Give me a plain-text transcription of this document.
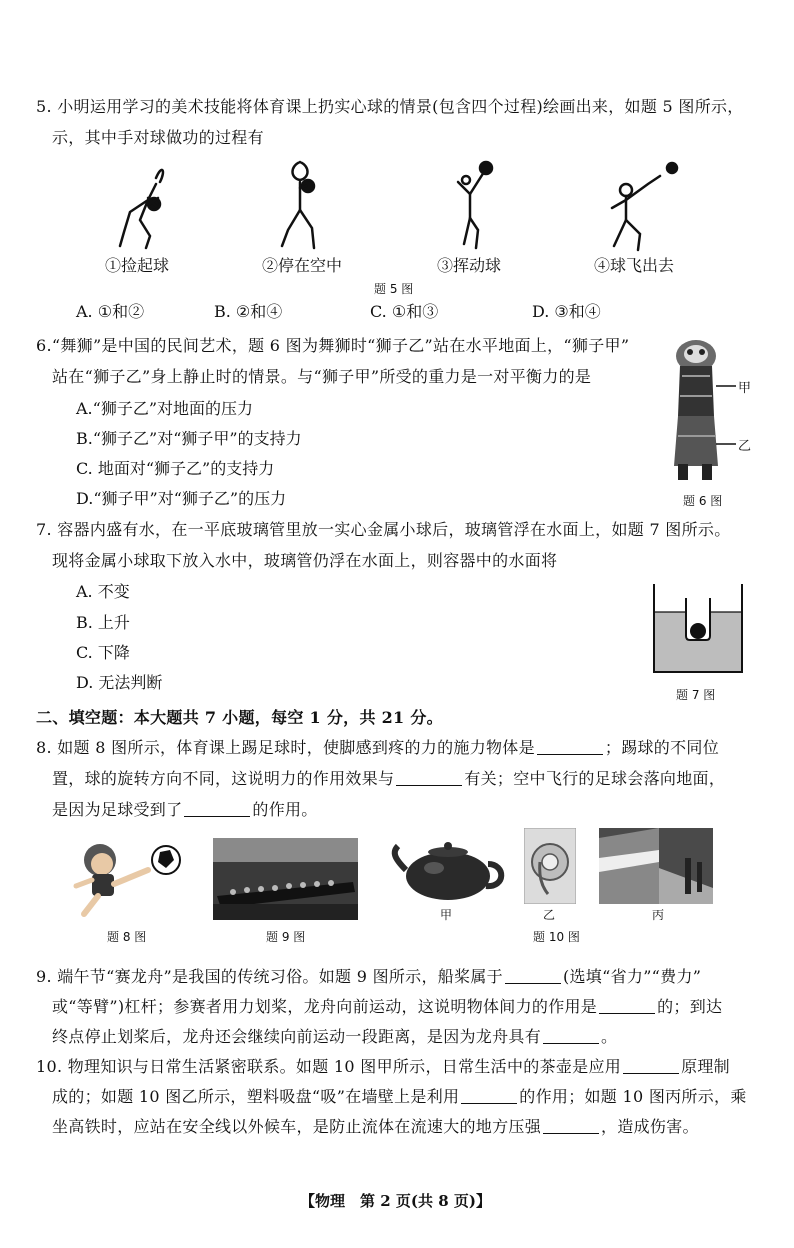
5. 小明运用学习的美术技能将体育课上扔实心球的情景(包含四个过程)绘画出来，如题 5 图所示，
示，其中手对球做功的过程有
①捡起球	②停在空中	③挥动球	④球飞出去
题 5 图
A. ①和②	B. ②和④	C. ①和③	D. ③和④
6.“舞狮”是中国的民间艺术，题 6 图为舞狮时“狮子乙”站在水平地面上，“狮子甲”
站在“狮子乙”身上静止时的情景。与“狮子甲”所受的重力是一对平衡力的是
A.“狮子乙”对地面的压力
B.“狮子乙”对“狮子甲”的支持力
C. 地面对“狮子乙”的支持力
D.“狮子甲”对“狮子乙”的压力
甲
乙
题 6 图
7. 容器内盛有水，在一平底玻璃管里放一实心金属小球后，玻璃管浮在水面上，如题 7 图所示。
现将金属小球取下放入水中，玻璃管仍浮在水面上，则容器中的水面将
A. 不变
B. 上升
C. 下降
D. 无法判断
题 7 图
二、填空题：本大题共 7 小题，每空 1 分，共 21 分。
8. 如题 8 图所示，体育课上踢足球时，使脚感到疼的力的施力物体是	；踢球的不同位
置，球的旋转方向不同，这说明力的作用效果与	有关；空中飞行的足球会落向地面，
是因为足球受到了	的作用。
题 8 图	题 9 图
甲	乙	丙
题 10 图
9. 端午节“赛龙舟”是我国的传统习俗。如题 9 图所示，船桨属于	(选填“省力”“费力”
或“等臂”)杠杆；参赛者用力划桨，龙舟向前运动，这说明物体间力的作用是	的；到达
终点停止划桨后，龙舟还会继续向前运动一段距离，是因为龙舟具有	。
10. 物理知识与日常生活紧密联系。如题 10 图甲所示，日常生活中的茶壶是应用	原理制
成的；如题 10 图乙所示，塑料吸盘“吸”在墙壁上是利用	的作用；如题 10 图丙所示，乘
坐高铁时，应站在安全线以外候车，是防止流体在流速大的地方压强	，造成伤害。
【物理　第 2 页(共 8 页)】
